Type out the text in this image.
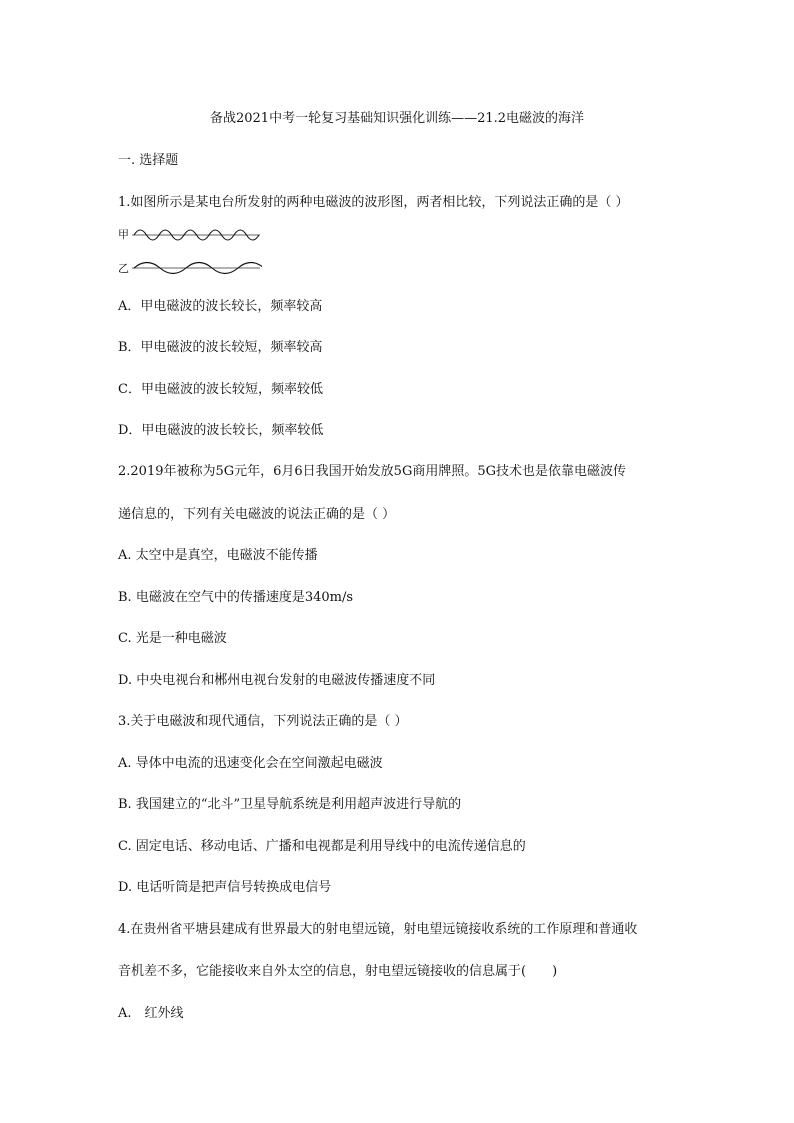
备战2021中考一轮复习基础知识强化训练——21.2电磁波的海洋
一. 选择题
1.如图所示是某电台所发射的两种电磁波的波形图，两者相比较，下列说法正确的是（ ）
甲
乙
A．甲电磁波的波长较长，频率较高
B．甲电磁波的波长较短，频率较高
C．甲电磁波的波长较短，频率较低
D．甲电磁波的波长较长，频率较低
2.2019年被称为5G元年，6月6日我国开始发放5G商用牌照。5G技术也是依靠电磁波传
递信息的，下列有关电磁波的说法正确的是（ ）
A. 太空中是真空，电磁波不能传播
B. 电磁波在空气中的传播速度是340m/s
C. 光是一种电磁波
D. 中央电视台和郴州电视台发射的电磁波传播速度不同
3.关于电磁波和现代通信，下列说法正确的是（ ）
A. 导体中电流的迅速变化会在空间激起电磁波
B. 我国建立的“北斗”卫星导航系统是利用超声波进行导航的
C. 固定电话、移动电话、广播和电视都是利用导线中的电流传递信息的
D. 电话听筒是把声信号转换成电信号
4.在贵州省平塘县建成有世界最大的射电望远镜，射电望远镜接收系统的工作原理和普通收
音机差不多，它能接收来自外太空的信息，射电望远镜接收的信息属于(　　)
A.　红外线
